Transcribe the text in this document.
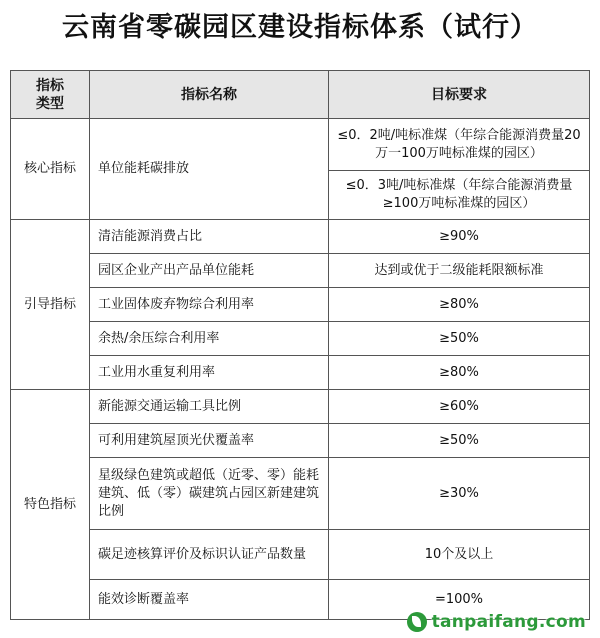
云南省零碳园区建设指标体系（试行）
指标
类型	指标名称	目标要求
核心指标	单位能耗碳排放	≤0．2吨/吨标准煤（年综合能源消费量20万一100万吨标准煤的园区）
		≤0．3吨/吨标准煤（年综合能源消费量≥100万吨标准煤的园区）
引导指标	清洁能源消费占比	≥90%
	园区企业产出产品单位能耗	达到或优于二级能耗限额标准
	工业固体废弃物综合利用率	≥80%
	余热/余压综合利用率	≥50%
	工业用水重复利用率	≥80%
特色指标	新能源交通运输工具比例	≥60%
	可利用建筑屋顶光伏覆盖率	≥50%
	星级绿色建筑或超低（近零、零）能耗建筑、低（零）碳建筑占园区新建建筑比例	≥30%
	碳足迹核算评价及标识认证产品数量	10个及以上
	能效诊断覆盖率	=100%
tanpaifang.com
